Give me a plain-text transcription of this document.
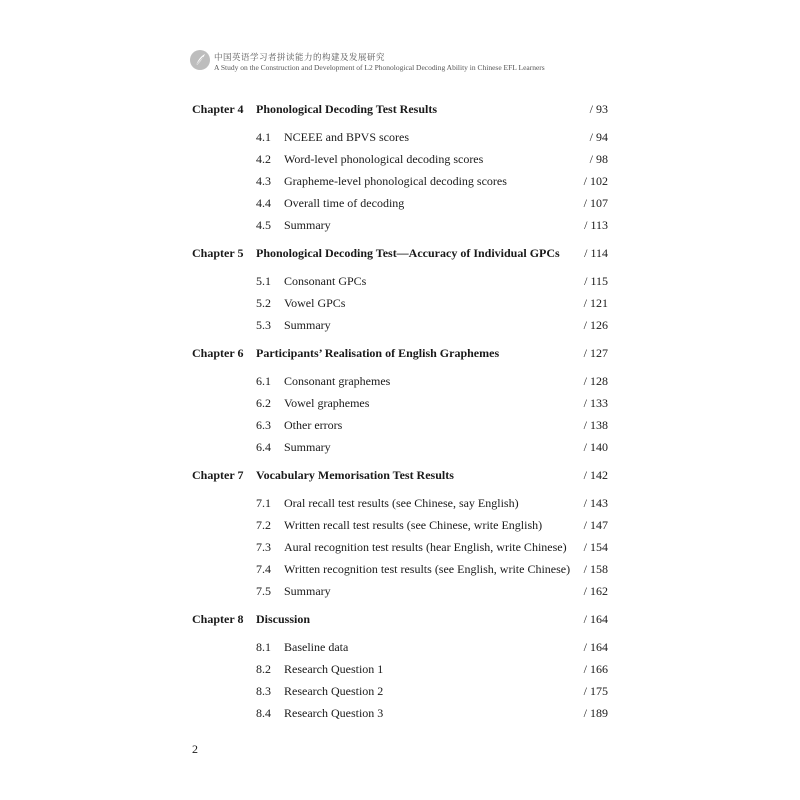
中国英语学习者拼读能力的构建及发展研究
A Study on the Construction and Development of L2 Phonological Decoding Ability in Chinese EFL Learners
Chapter 4 Phonological Decoding Test Results	/ 93
4.1 NCEEE and BPVS scores	/ 94
4.2 Word-level phonological decoding scores	/ 98
4.3 Grapheme-level phonological decoding scores	/ 102
4.4 Overall time of decoding	/ 107
4.5 Summary	/ 113
Chapter 5 Phonological Decoding Test—Accuracy of Individual GPCs / 114
5.1 Consonant GPCs	/ 115
5.2 Vowel GPCs	/ 121
5.3 Summary	/ 126
Chapter 6 Participants’ Realisation of English Graphemes	/ 127
6.1 Consonant graphemes	/ 128
6.2 Vowel graphemes	/ 133
6.3 Other errors	/ 138
6.4 Summary	/ 140
Chapter 7 Vocabulary Memorisation Test Results	/ 142
7.1 Oral recall test results (see Chinese, say English)	/ 143
7.2 Written recall test results (see Chinese, write English)	/ 147
7.3 Aural recognition test results (hear English, write Chinese) / 154
7.4 Written recognition test results (see English, write Chinese) / 158
7.5 Summary	/ 162
Chapter 8 Discussion	/ 164
8.1 Baseline data	/ 164
8.2 Research Question 1	/ 166
8.3 Research Question 2	/ 175
8.4 Research Question 3	/ 189
2
